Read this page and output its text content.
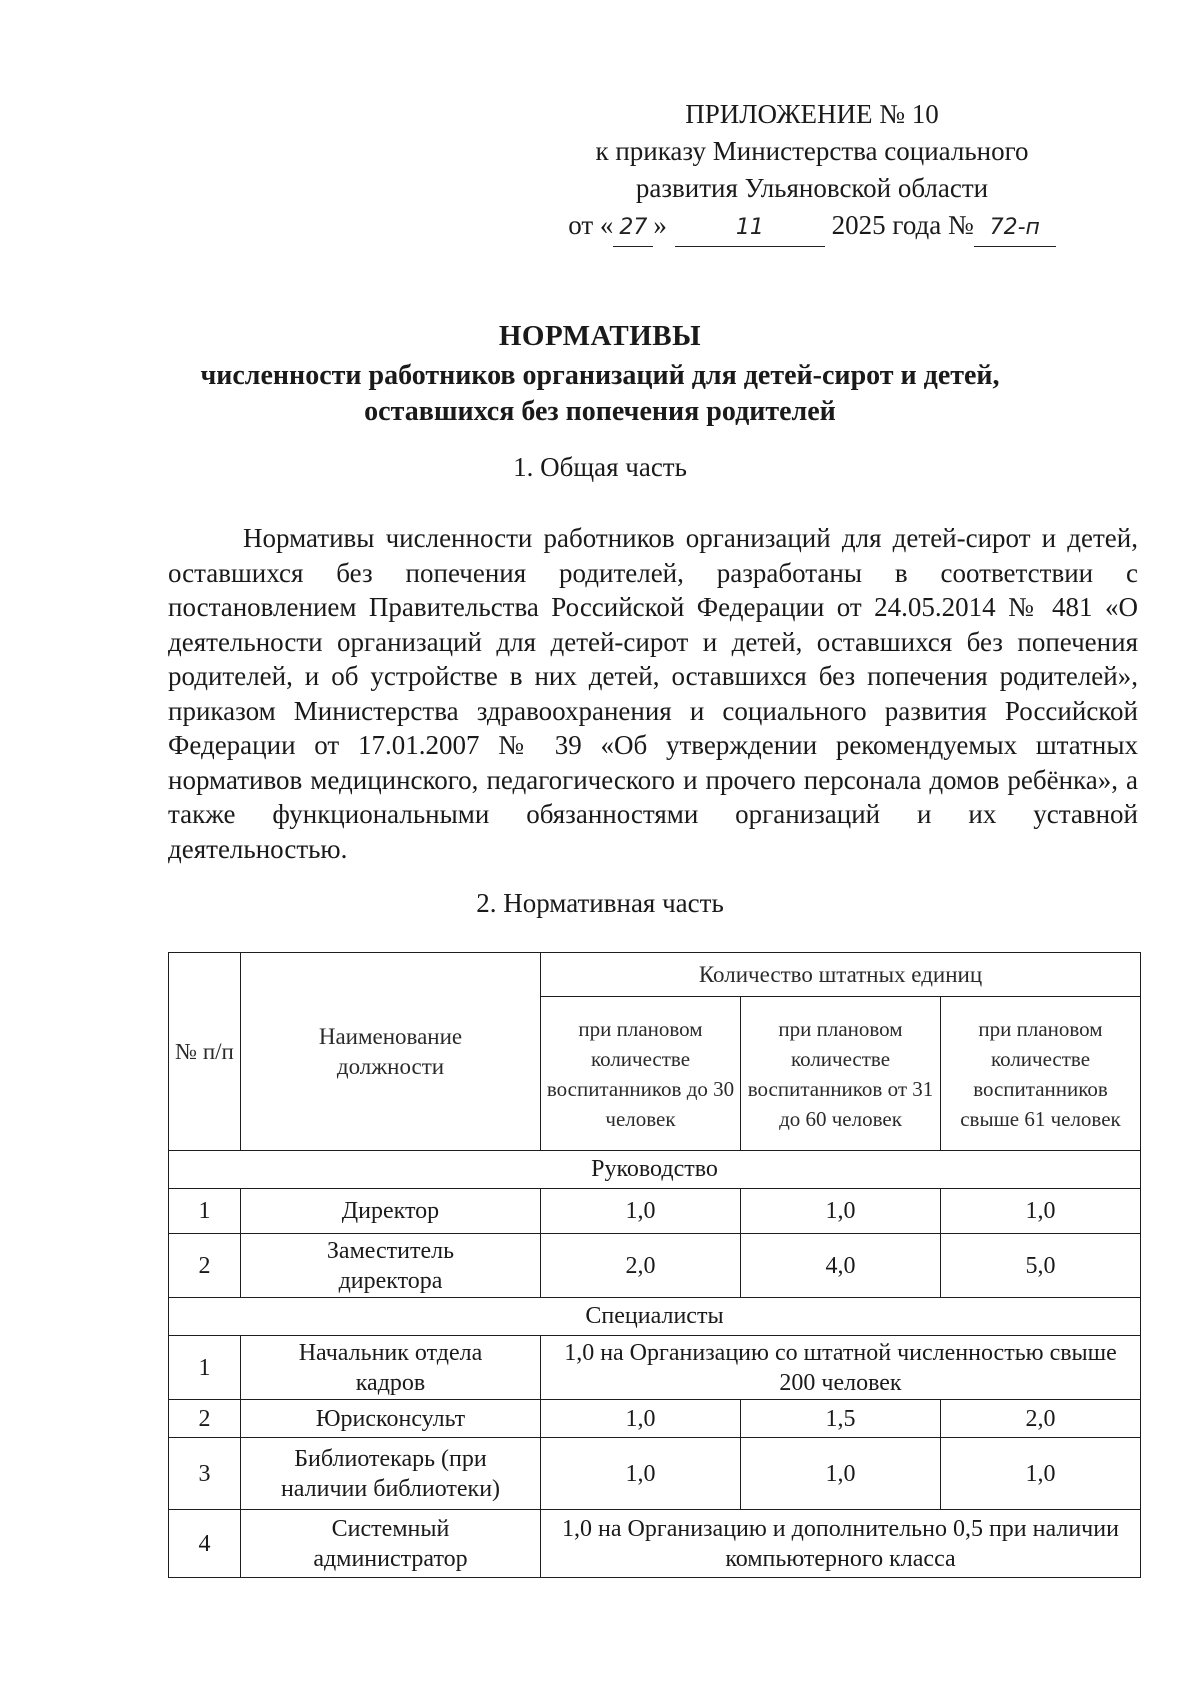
ПРИЛОЖЕНИЕ № 10
к приказу Министерства социального
развития Ульяновской области
от « 27 »	11	2025 года № 72-п
НОРМАТИВЫ
численности работников организаций для детей-сирот и детей,
оставшихся без попечения родителей
1. Общая часть
Нормативы численности работников организаций для детей-сирот и детей, оставшихся без попечения родителей, разработаны в соответствии с постановлением Правительства Российской Федерации от 24.05.2014 № 481 «О деятельности организаций для детей-сирот и детей, оставшихся без попечения родителей, и об устройстве в них детей, оставшихся без попечения родителей», приказом Министерства здравоохранения и социального развития Российской Федерации от 17.01.2007 № 39 «Об утверждении рекомендуемых штатных нормативов медицинского, педагогического и прочего персонала домов ребёнка», а также функциональными обязанностями организаций и их уставной деятельностью.
2. Нормативная часть
№ п/п	Наименование должности	Количество штатных единиц		
		при плановом количестве воспитанников до 30 человек	при плановом количестве воспитанников от 31 до 60 человек	при плановом количестве воспитанников свыше 61 человек
Руководство				
1	Директор	1,0	1,0	1,0
2	Заместитель директора	2,0	4,0	5,0
Специалисты				
1	Начальник отдела кадров	1,0 на Организацию со штатной численностью свыше 200 человек		
2	Юрисконсульт	1,0	1,5	2,0
3	Библиотекарь (при наличии библиотеки)	1,0	1,0	1,0
4	Системный администратор	1,0 на Организацию и дополнительно 0,5 при наличии компьютерного класса		
